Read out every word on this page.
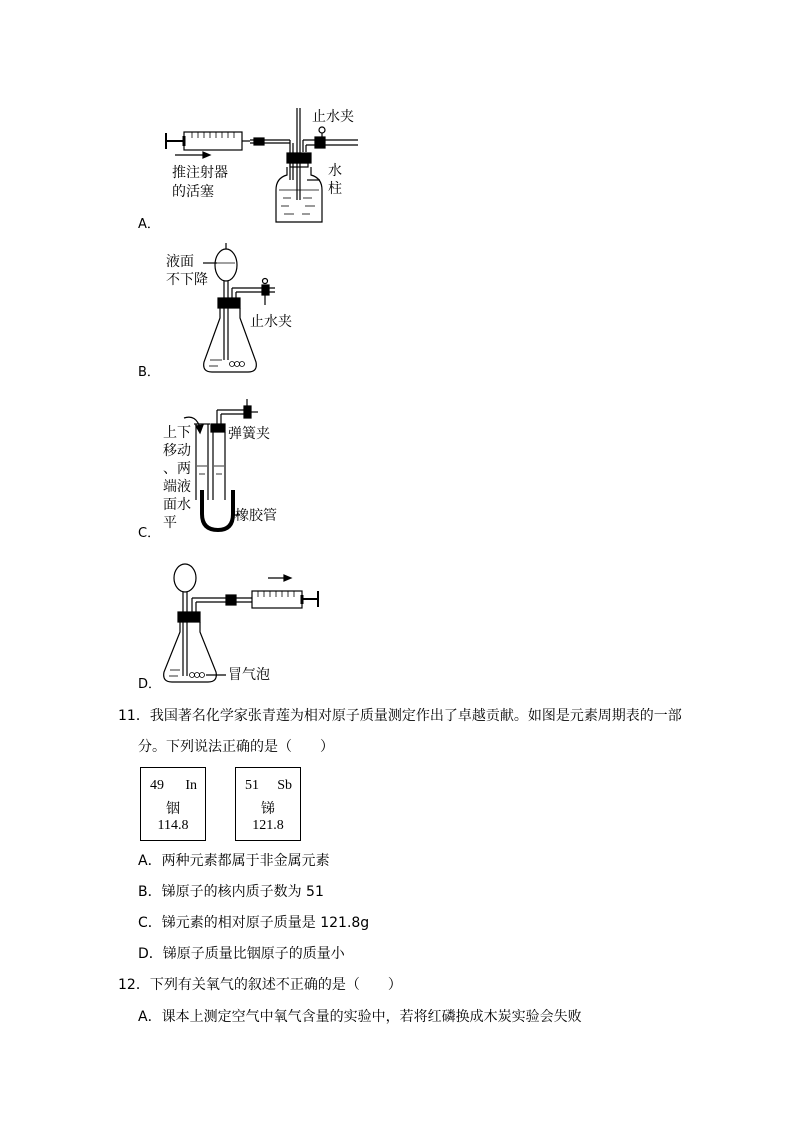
推注射器
的活塞
止水夹
水
柱
A．
液面
不下降
止水夹
B．
上下
移动
、两
端液
面水
平
弹簧夹
橡胶管
C．
冒气泡
D．
11．我国著名化学家张青莲为相对原子质量测定作出了卓越贡献。如图是元素周期表的一部
分。下列说法正确的是（　　）
49 In
铟
114.8
51 Sb
锑
121.8
A．两种元素都属于非金属元素
B．锑原子的核内质子数为 51
C．锑元素的相对原子质量是 121.8g
D．锑原子质量比铟原子的质量小
12．下列有关氧气的叙述不正确的是（　　）
A．课本上测定空气中氧气含量的实验中，若将红磷换成木炭实验会失败
